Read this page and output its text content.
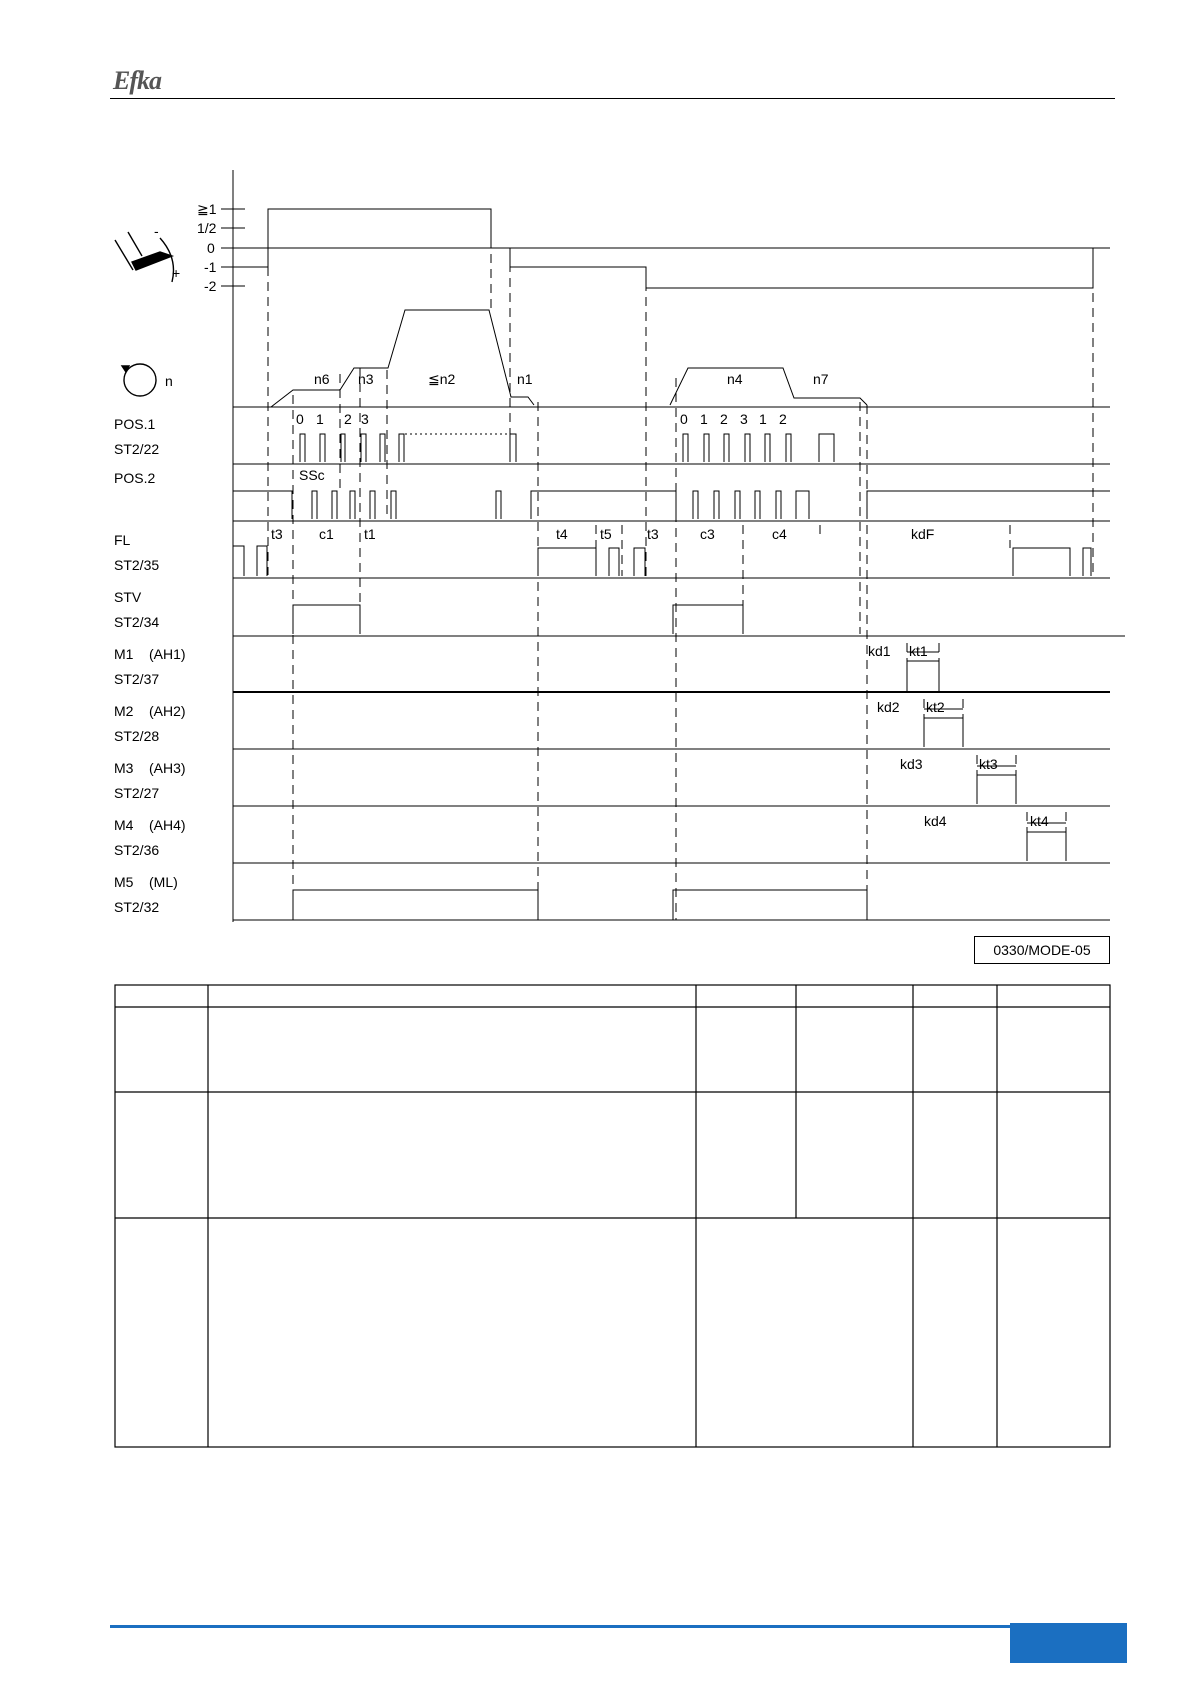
Efka
-
+
n
≧1
1/2
0
-1
-2
n6 n3	≦n2	n1	n4	n7
POS.1
ST2/22
POS.2
FL
ST2/35
STV
ST2/34
M1    (AH1)
ST2/37
M2    (AH2)
ST2/28
M3    (AH3)
ST2/27
M4    (AH4)
ST2/36
M5    (ML)
ST2/32
0 1 2 3	0 1 2 3 1 2
SSc
t3	c1 t1	t4 t5	t3	c3	c4	kdF
kd1 kt1
kd2 kt2
kd3	kt3
kd4	kt4
0330/MODE-05
